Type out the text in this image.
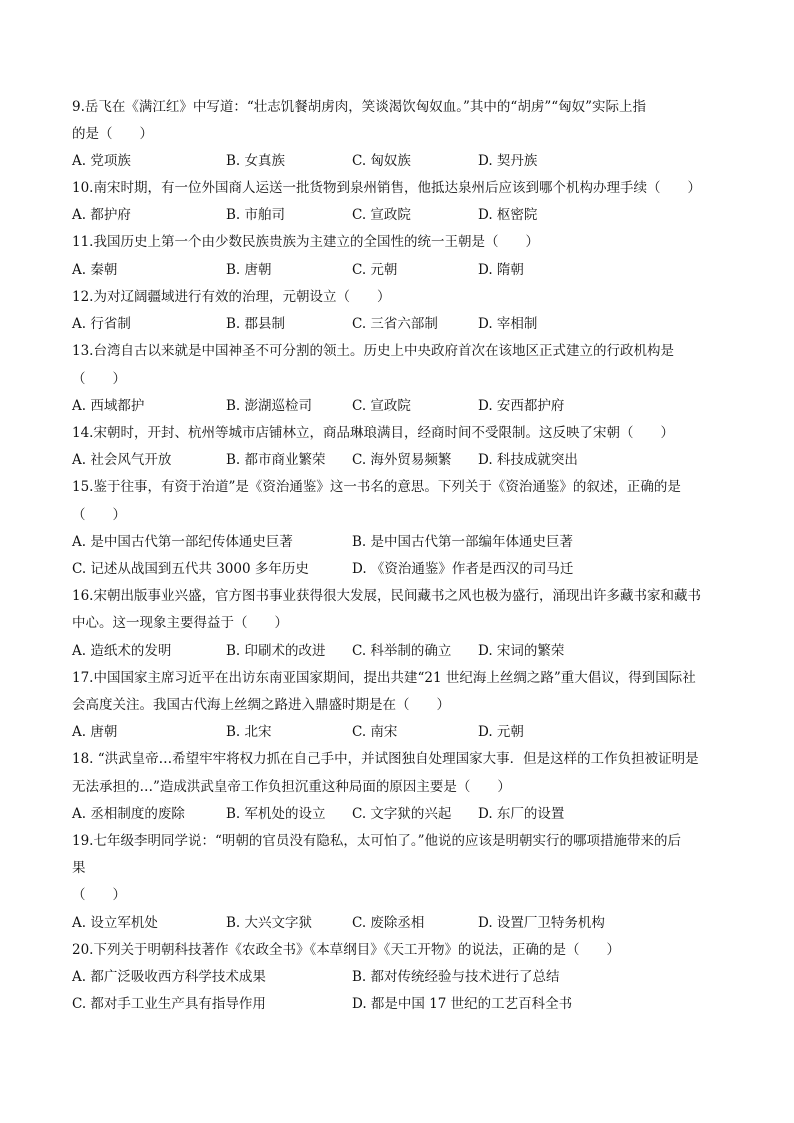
9.岳飞在《满江红》中写道：“壮志饥餐胡虏肉，笑谈渴饮匈奴血。”其中的“胡虏”“匈奴”实际上指
的是（　　）
A. 党项族	B. 女真族	C. 匈奴族	D. 契丹族
10.南宋时期，有一位外国商人运送一批货物到泉州销售，他抵达泉州后应该到哪个机构办理手续（　　）
A. 都护府	B. 市舶司	C. 宣政院	D. 枢密院
11.我国历史上第一个由少数民族贵族为主建立的全国性的统一王朝是（　　）
A. 秦朝	B. 唐朝	C. 元朝	D. 隋朝
12.为对辽阔疆域进行有效的治理，元朝设立（　　）
A. 行省制	B. 郡县制	C. 三省六部制	D. 宰相制
13.台湾自古以来就是中国神圣不可分割的领土。历史上中央政府首次在该地区正式建立的行政机构是
（　　）
A. 西域都护	B. 澎湖巡检司	C. 宣政院	D. 安西都护府
14.宋朝时，开封、杭州等城市店铺林立，商品琳琅满目，经商时间不受限制。这反映了宋朝（　　）
A. 社会风气开放	B. 都市商业繁荣 C. 海外贸易频繁 D. 科技成就突出
15.鉴于往事，有资于治道”是《资治通鉴》这一书名的意思。下列关于《资治通鉴》的叙述，正确的是
（　　）
A. 是中国古代第一部纪传体通史巨著	B. 是中国古代第一部编年体通史巨著
C. 记述从战国到五代共 3000 多年历史	D. 《资治通鉴》作者是西汉的司马迁
16.宋朝出版事业兴盛，官方图书事业获得很大发展，民间藏书之风也极为盛行，涌现出许多藏书家和藏书
中心。这一现象主要得益于（　　）
A. 造纸术的发明	B. 印刷术的改进 C. 科举制的确立 D. 宋词的繁荣
17.中国国家主席习近平在出访东南亚国家期间，提出共建“21 世纪海上丝绸之路”重大倡议，得到国际社
会高度关注。我国古代海上丝绸之路进入鼎盛时期是在（　　）
A. 唐朝	B. 北宋	C. 南宋	D. 元朝
18. “洪武皇帝…希望牢牢将权力抓在自己手中，并试图独自处理国家大事．但是这样的工作负担被证明是
无法承担的…”造成洪武皇帝工作负担沉重这种局面的原因主要是（　　）
A. 丞相制度的废除	B. 军机处的设立 C. 文字狱的兴起 D. 东厂的设置
19.七年级李明同学说：“明朝的官员没有隐私，太可怕了。”他说的应该是明朝实行的哪项措施带来的后
果
（　　）
A. 设立军机处	B. 大兴文字狱	C. 废除丞相	D. 设置厂卫特务机构
20.下列关于明朝科技著作《农政全书》《本草纲目》《天工开物》的说法，正确的是（　　）
A. 都广泛吸收西方科学技术成果	B. 都对传统经验与技术进行了总结
C. 都对手工业生产具有指导作用	D. 都是中国 17 世纪的工艺百科全书
